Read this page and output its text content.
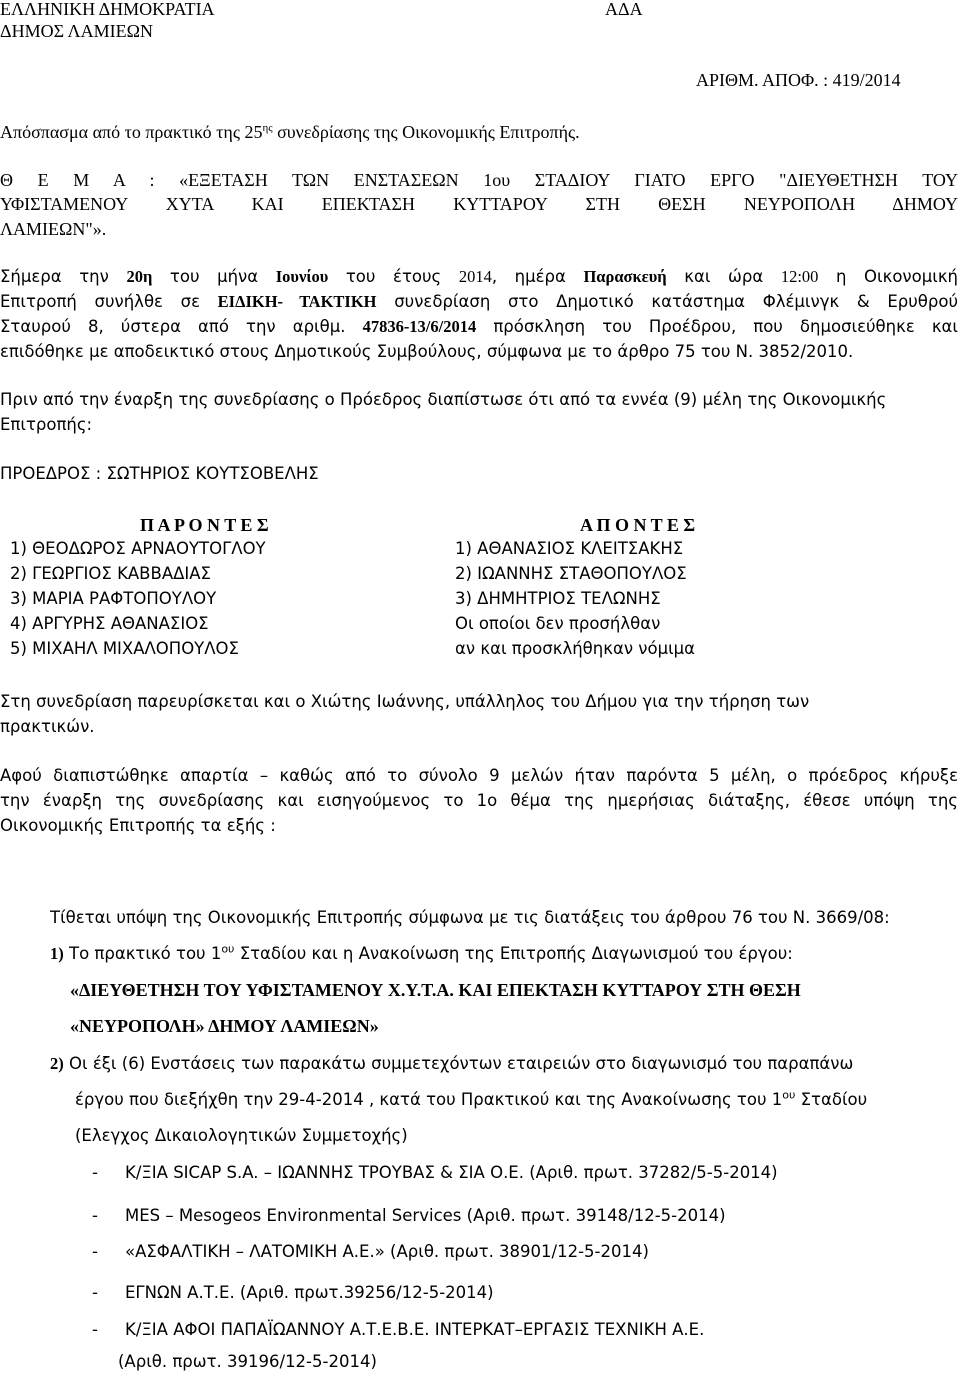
ΕΛΛΗΝΙΚΗ ΔΗΜΟΚΡΑΤΙΑ
ΔΗΜΟΣ ΛΑΜΙΕΩΝ
ΑΔΑ
ΑΡΙΘΜ. ΑΠΟΦ. : 419/2014
Απόσπασμα από το πρακτικό της $25^{\eta\varsigma}$ συνεδρίασης της Οικονομικής Επιτροπής.
Θ Ε Μ Α : «ΕΞΕΤΑΣΗ ΤΩΝ ΕΝΣΤΑΣΕΩΝ 1ου ΣΤΑΔΙΟΥ ΓΙΑΤΟ ΕΡΓΟ "ΔΙΕΥΘΕΤΗΣΗ ΤΟΥ
ΥΦΙΣΤΑΜΕΝΟΥ ΧΥΤΑ ΚΑΙ ΕΠΕΚΤΑΣΗ ΚΥΤΤΑΡΟΥ ΣΤΗ ΘΕΣΗ ΝΕΥΡΟΠΟΛΗ ΔΗΜΟΥ
ΛΑΜΙΕΩΝ"».
Σήμερα την 20η του μήνα Ιουνίου του έτους 2014, ημέρα Παρασκευή και ώρα 12:00 η Οικονομική
Επιτροπή συνήλθε σε ΕΙΔΙΚΗ- ΤΑΚΤΙΚΗ συνεδρίαση στο Δημοτικό κατάστημα Φλέμινγκ & Ερυθρού
Σταυρού 8, ύστερα από την αριθμ. 47836-13/6/2014 πρόσκληση του Προέδρου, που δημοσιεύθηκε και
επιδόθηκε με αποδεικτικό στους Δημοτικούς Συμβούλους, σύμφωνα με το άρθρο 75 του Ν. 3852/2010.
Πριν από την έναρξη της συνεδρίασης ο Πρόεδρος διαπίστωσε ότι από τα εννέα (9) μέλη της Οικονομικής
Επιτροπής:
ΠΡΟΕΔΡΟΣ : ΣΩΤΗΡΙΟΣ ΚΟΥΤΣΟΒΕΛΗΣ
Π Α Ρ Ο Ν Τ Ε Σ	Α Π Ο Ν Τ Ε Σ
1) ΘΕΟΔΩΡΟΣ ΑΡΝΑΟΥΤΟΓΛΟΥ
2) ΓΕΩΡΓΙΟΣ ΚΑΒΒΑΔΙΑΣ
3) ΜΑΡΙΑ ΡΑΦΤΟΠΟΥΛΟΥ
4) ΑΡΓΥΡΗΣ ΑΘΑΝΑΣΙΟΣ
5) ΜΙΧΑΗΛ ΜΙΧΑΛΟΠΟΥΛΟΣ
1) ΑΘΑΝΑΣΙΟΣ ΚΛΕΙΤΣΑΚΗΣ
2) ΙΩΑΝΝΗΣ ΣΤΑΘΟΠΟΥΛΟΣ
3) ΔΗΜΗΤΡΙΟΣ ΤΕΛΩΝΗΣ
Οι οποίοι δεν προσήλθαν
αν και προσκλήθηκαν νόμιμα
Στη συνεδρίαση παρευρίσκεται και ο Χιώτης Ιωάννης, υπάλληλος του Δήμου για την τήρηση των
πρακτικών.
Αφού διαπιστώθηκε απαρτία – καθώς από το σύνολο 9 μελών ήταν παρόντα 5 μέλη, ο πρόεδρος κήρυξε
την έναρξη της συνεδρίασης και εισηγούμενος το 1ο θέμα της ημερήσιας διάταξης, έθεσε υπόψη της
Οικονομικής Επιτροπής τα εξής :
Τίθεται υπόψη της Οικονομικής Επιτροπής σύμφωνα με τις διατάξεις του άρθρου 76 του Ν. 3669/08:
1) Το πρακτικό του $1^{o\upsilon}$ Σταδίου και η Ανακοίνωση της Επιτροπής Διαγωνισμού του έργου:
«ΔΙΕΥΘΕΤΗΣΗ ΤΟΥ ΥΦΙΣΤΑΜΕΝΟΥ Χ.Υ.Τ.Α. ΚΑΙ ΕΠΕΚΤΑΣΗ ΚΥΤΤΑΡΟΥ ΣΤΗ ΘΕΣΗ
«ΝΕΥΡΟΠΟΛΗ» ΔΗΜΟΥ ΛΑΜΙΕΩΝ»
2) Οι έξι (6) Ενστάσεις των παρακάτω συμμετεχόντων εταιρειών στο διαγωνισμό του παραπάνω
έργου που διεξήχθη την 29-4-2014 , κατά του Πρακτικού και της Ανακοίνωσης του $1^{o\upsilon}$ Σταδίου
(Ελεγχος Δικαιολογητικών Συμμετοχής)
- Κ/ΞΙΑ SICAP S.A. – ΙΩΑΝΝΗΣ ΤΡΟΥΒΑΣ & ΣΙΑ Ο.Ε. (Αριθ. πρωτ. 37282/5-5-2014)
- MES – Mesogeos Environmental Services (Αριθ. πρωτ. 39148/12-5-2014)
- «ΑΣΦΑΛΤΙΚΗ – ΛΑΤΟΜΙΚΗ Α.Ε.» (Αριθ. πρωτ. 38901/12-5-2014)
- ΕΓΝΩΝ Α.Τ.Ε. (Αριθ. πρωτ.39256/12-5-2014)
- Κ/ΞΙΑ ΑΦΟΙ ΠΑΠΑΪΩΑΝΝΟΥ Α.Τ.Ε.Β.Ε. ΙΝΤΕΡΚΑΤ–ΕΡΓΑΣΙΣ ΤΕΧΝΙΚΗ Α.Ε.
(Αριθ. πρωτ. 39196/12-5-2014)
